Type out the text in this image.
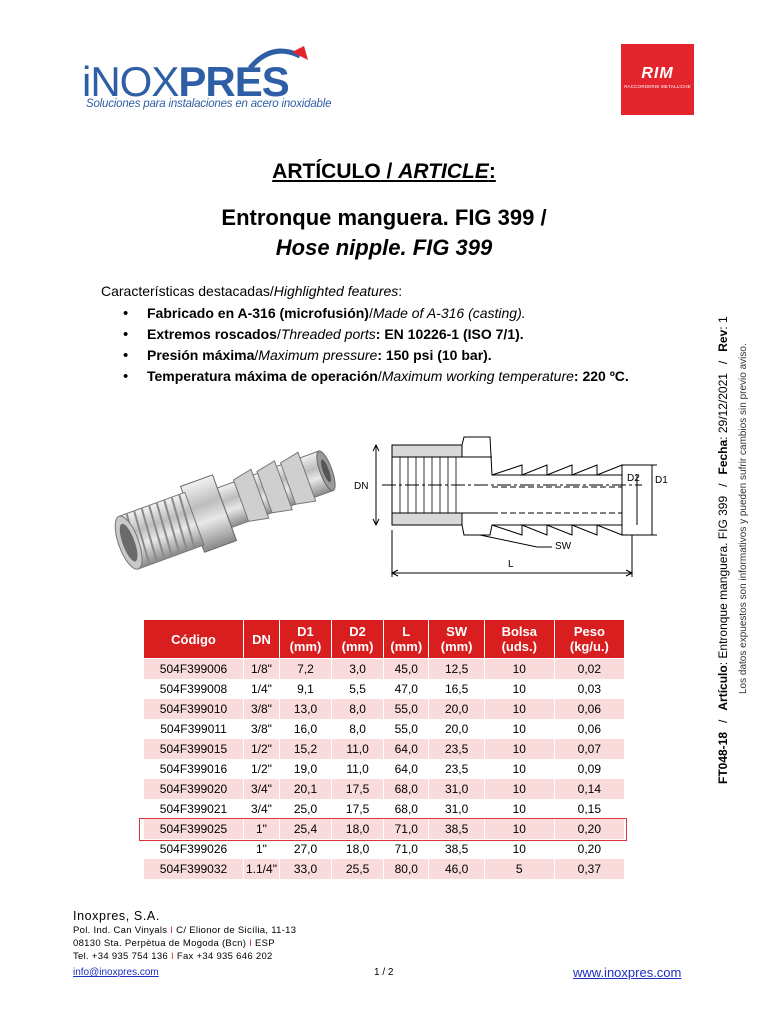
iNOXPRES
Soluciones para instalaciones en acero inoxidable
RIM
RACCORDERIE METALLICHE
ARTÍCULO / ARTICLE:
Entronque manguera. FIG 399 /
Hose nipple. FIG 399
Características destacadas/Highlighted features:
• Fabricado en A-316 (microfusión)/Made of A-316 (casting).
• Extremos roscados/Threaded ports: EN 10226-1 (ISO 7/1).
• Presión máxima/Maximum pressure: 150 psi (10 bar).
• Temperatura máxima de operación/Maximum working temperature: 220 ºC.
DN
D2 D1
SW
L
Código	DN	D1 (mm)	D2 (mm)	L (mm)	SW (mm)	Bolsa (uds.)	Peso (kg/u.)
504F399006	1/8"	7,2	3,0	45,0	12,5	10	0,02
504F399008	1/4"	9,1	5,5	47,0	16,5	10	0,03
504F399010	3/8"	13,0	8,0	55,0	20,0	10	0,06
504F399011	3/8"	16,0	8,0	55,0	20,0	10	0,06
504F399015	1/2"	15,2	11,0	64,0	23,5	10	0,07
504F399016	1/2"	19,0	11,0	64,0	23,5	10	0,09
504F399020	3/4"	20,1	17,5	68,0	31,0	10	0,14
504F399021	3/4"	25,0	17,5	68,0	31,0	10	0,15
504F399025	1"	25,4	18,0	71,0	38,5	10	0,20
504F399026	1"	27,0	18,0	71,0	38,5	10	0,20
504F399032	1.1/4"	33,0	25,5	80,0	46,0	5	0,37
FT048-18/Artículo: Entronque manguera. FIG 399/Fecha: 29/12/2021/Rev: 1
Los datos expuestos son informativos y pueden sufrir cambios sin previo aviso.
Inoxpres, S.A.
Pol. Ind. Can Vinyals I C/ Elionor de Sicília, 11-13
08130 Sta. Perpètua de Mogoda (Bcn) I ESP
Tel. +34 935 754 136 I Fax +34 935 646 202
info@inoxpres.com	1 / 2	www.inoxpres.com
